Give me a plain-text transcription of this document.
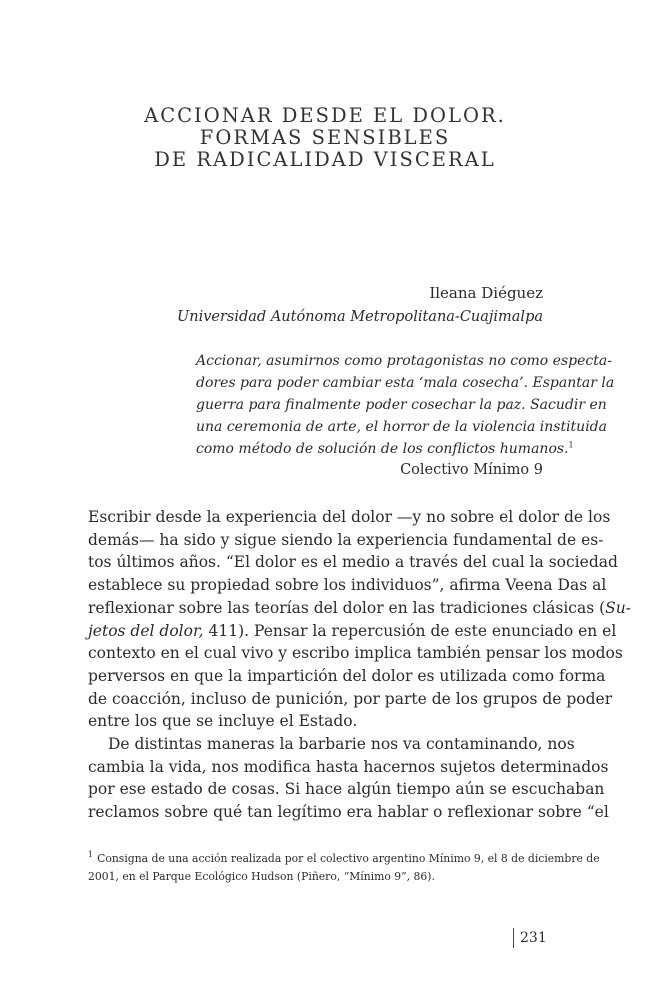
ACCIONAR DESDE EL DOLOR.
FORMAS SENSIBLES
DE RADICALIDAD VISCERAL
Ileana Diéguez
Universidad Autónoma Metropolitana-Cuajimalpa
Accionar, asumirnos como protagonistas no como especta-
dores para poder cambiar esta ‘mala cosecha’. Espantar la
guerra para finalmente poder cosechar la paz. Sacudir en
una ceremonia de arte, el horror de la violencia instituida
como método de solución de los conflictos humanos.$^1$
Colectivo Mínimo 9
Escribir desde la experiencia del dolor —y no sobre el dolor de los
demás— ha sido y sigue siendo la experiencia fundamental de es-
tos últimos años. “El dolor es el medio a través del cual la sociedad
establece su propiedad sobre los individuos”, afirma Veena Das al
reflexionar sobre las teorías del dolor en las tradiciones clásicas (Su-
jetos del dolor, 411). Pensar la repercusión de este enunciado en el
contexto en el cual vivo y escribo implica también pensar los modos
perversos en que la impartición del dolor es utilizada como forma
de coacción, incluso de punición, por parte de los grupos de poder
entre los que se incluye el Estado.
De distintas maneras la barbarie nos va contaminando, nos
cambia la vida, nos modifica hasta hacernos sujetos determinados
por ese estado de cosas. Si hace algún tiempo aún se escuchaban
reclamos sobre qué tan legítimo era hablar o reflexionar sobre “el
$^1$ Consigna de una acción realizada por el colectivo argentino Mínimo 9, el 8 de diciembre de
2001, en el Parque Ecológico Hudson (Piñero, “Mínimo 9”, 86).
231
